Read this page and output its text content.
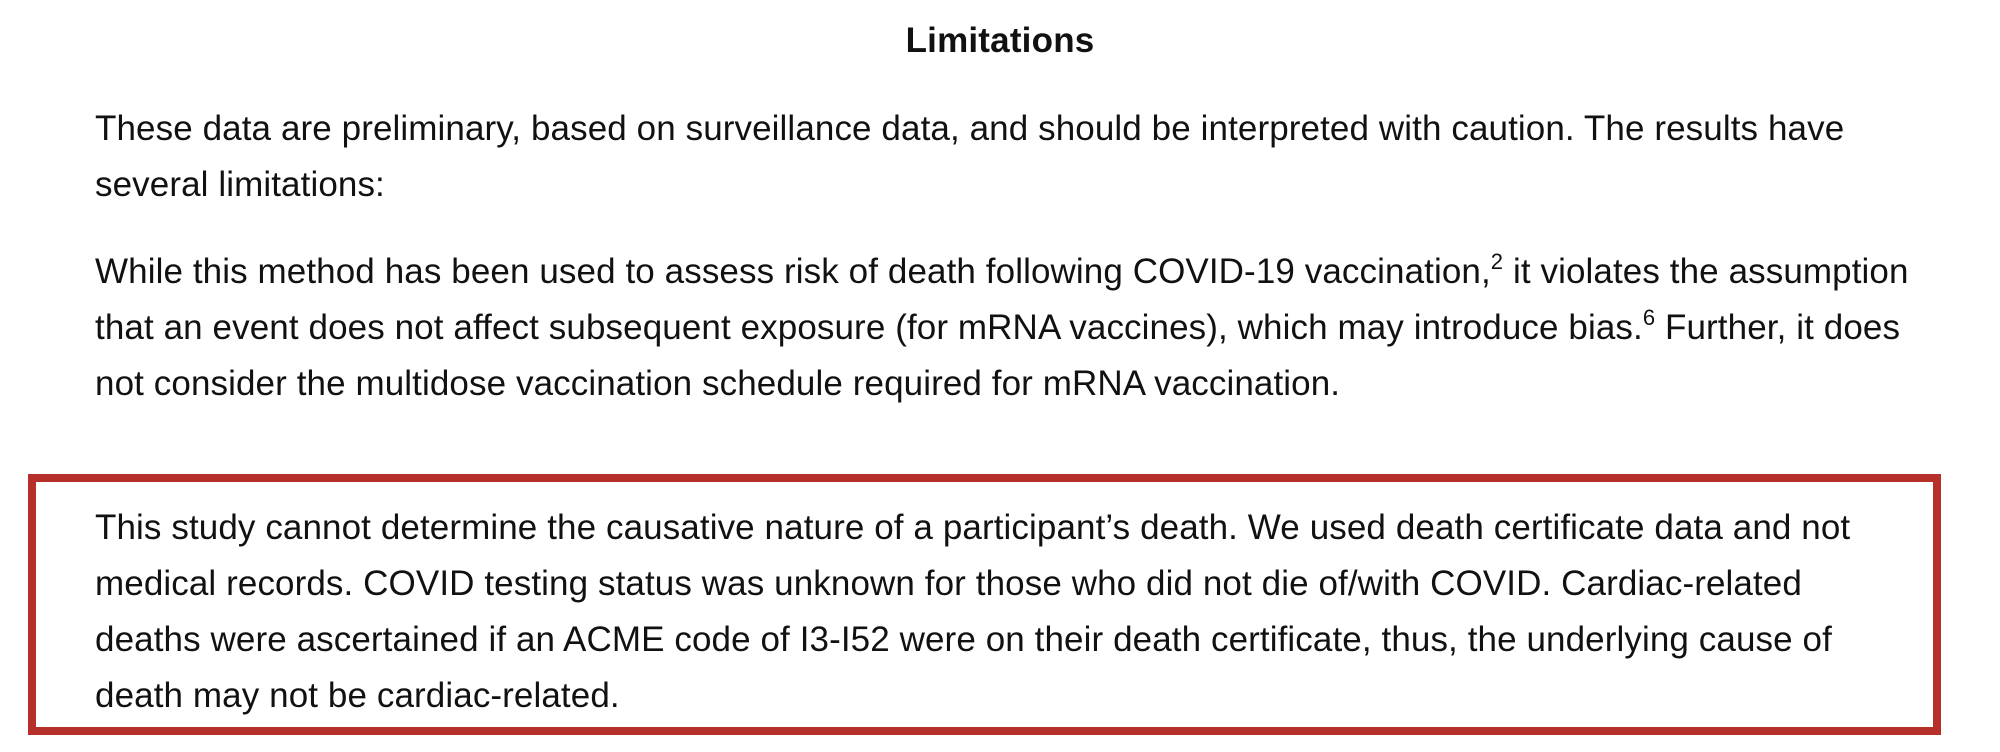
Limitations

These data are preliminary, based on surveillance data, and should be interpreted with caution. The results have several limitations:

While this method has been used to assess risk of death following COVID-19 vaccination,$^2$ it violates the assumption that an event does not affect subsequent exposure (for mRNA vaccines), which may introduce bias.$^6$ Further, it does not consider the multidose vaccination schedule required for mRNA vaccination.

This study cannot determine the causative nature of a participant’s death. We used death certificate data and not medical records. COVID testing status was unknown for those who did not die of/with COVID. Cardiac-related deaths were ascertained if an ACME code of I3-I52 were on their death certificate, thus, the underlying cause of death may not be cardiac-related.
